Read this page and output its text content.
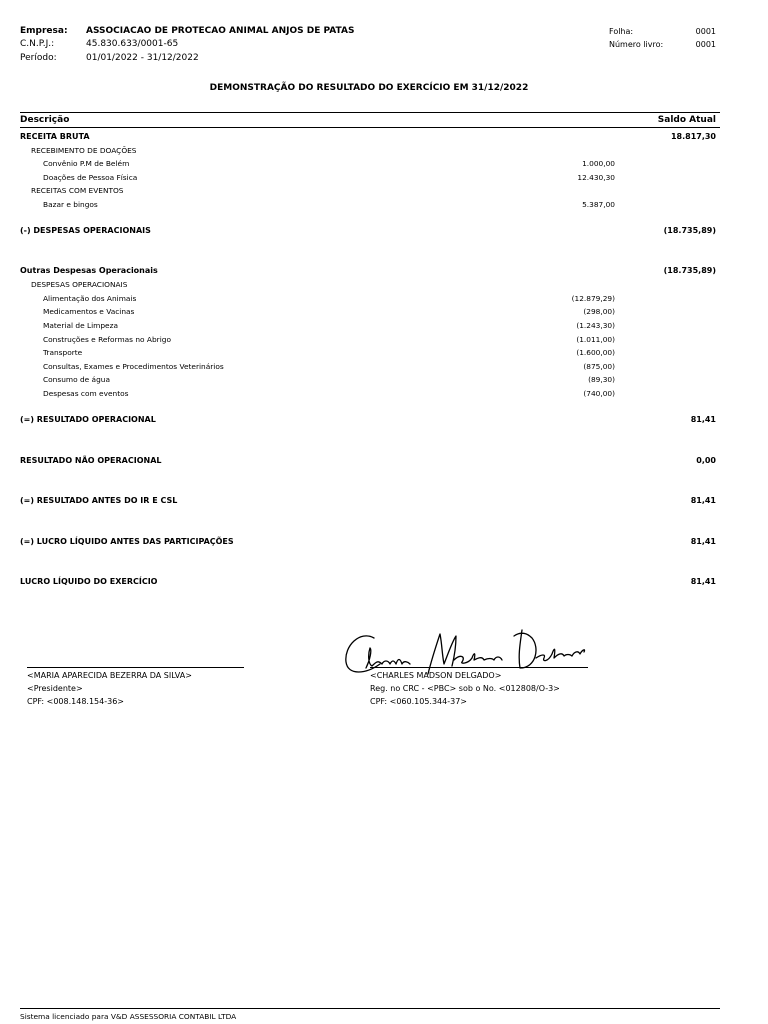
Empresa: ASSOCIACAO DE PROTECAO ANIMAL ANJOS DE PATAS
C.N.P.J.:	45.830.633/0001-65
Período:	01/01/2022 - 31/12/2022
Folha:	0001
Número livro:	0001
DEMONSTRAÇÃO DO RESULTADO DO EXERCÍCIO EM 31/12/2022
Descrição	Saldo Atual
RECEITA BRUTA	18.817,30
RECEBIMENTO DE DOAÇÕES
Convênio P.M de Belém	1.000,00
Doações de Pessoa Física	12.430,30
RECEITAS COM EVENTOS
Bazar e bingos	5.387,00
(-) DESPESAS OPERACIONAIS	(18.735,89)
Outras Despesas Operacionais	(18.735,89)
DESPESAS OPERACIONAIS
Alimentação dos Animais	(12.879,29)
Medicamentos e Vacinas	(298,00)
Material de Limpeza	(1.243,30)
Construções e Reformas no Abrigo	(1.011,00)
Transporte	(1.600,00)
Consultas, Exames e Procedimentos Veterinários	(875,00)
Consumo de água	(89,30)
Despesas com eventos	(740,00)
(=) RESULTADO OPERACIONAL	81,41
RESULTADO NÃO OPERACIONAL	0,00
(=) RESULTADO ANTES DO IR E CSL	81,41
(=) LUCRO LÍQUIDO ANTES DAS PARTICIPAÇÕES	81,41
LUCRO LÍQUIDO DO EXERCÍCIO	81,41
<MARIA APARECIDA BEZERRA DA SILVA>
<Presidente>
CPF: <008.148.154-36>
<CHARLES MADSON DELGADO>
Reg. no CRC - <PBC> sob o No. <012808/O-3>
CPF: <060.105.344-37>
Sistema licenciado para V&D ASSESSORIA CONTABIL LTDA
